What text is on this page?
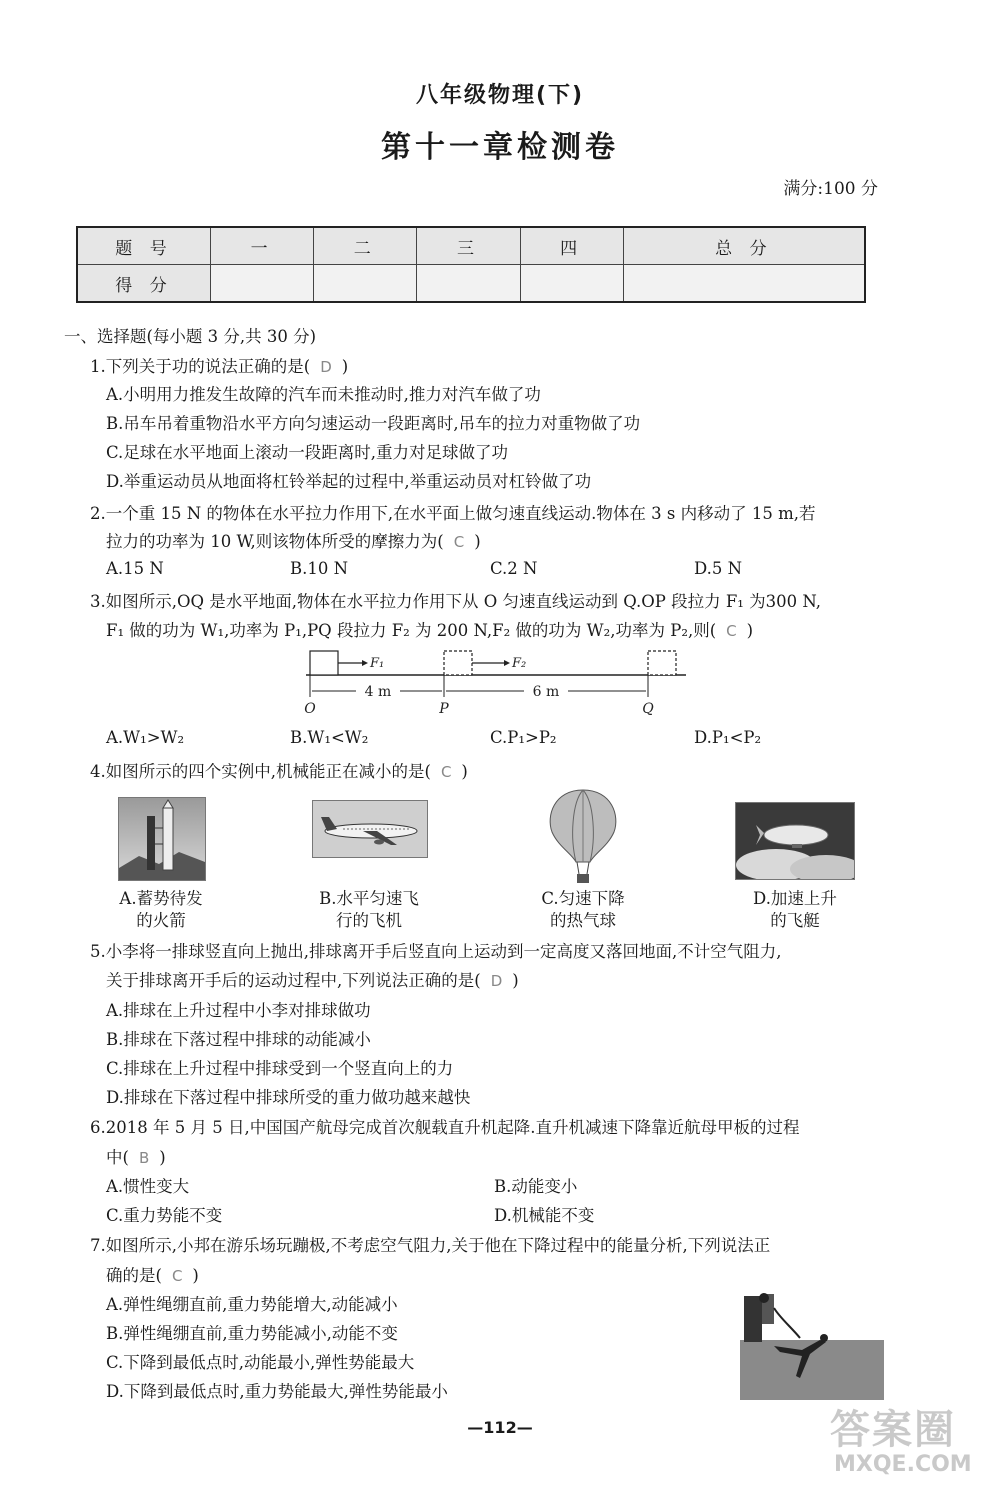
八年级物理(下)
第十一章检测卷
满分:100 分
题 号	一	二	三	四	总 分
得 分					
一、选择题(每小题 3 分,共 30 分)
1.下列关于功的说法正确的是( D )
A.小明用力推发生故障的汽车而未推动时,推力对汽车做了功
B.吊车吊着重物沿水平方向匀速运动一段距离时,吊车的拉力对重物做了功
C.足球在水平地面上滚动一段距离时,重力对足球做了功
D.举重运动员从地面将杠铃举起的过程中,举重运动员对杠铃做了功
2.一个重 15 N 的物体在水平拉力作用下,在水平面上做匀速直线运动.物体在 3 s 内移动了 15 m,若
拉力的功率为 10 W,则该物体所受的摩擦力为( C )
A.15 N	B.10 N	C.2 N	D.5 N
3.如图所示,OQ 是水平地面,物体在水平拉力作用下从 O 匀速直线运动到 Q.OP 段拉力 F₁ 为300 N,
F₁ 做的功为 W₁,功率为 P₁,PQ 段拉力 F₂ 为 200 N,F₂ 做的功为 W₂,功率为 P₂,则( C )
F₁	F₂
4 m	6 m
O	P	Q
A.W₁>W₂	B.W₁<W₂	C.P₁>P₂	D.P₁<P₂
4.如图所示的四个实例中,机械能正在减小的是( C )
A.蓄势待发
的火箭
B.水平匀速飞
行的飞机
C.匀速下降
的热气球
D.加速上升
的飞艇
5.小李将一排球竖直向上抛出,排球离开手后竖直向上运动到一定高度又落回地面,不计空气阻力,
关于排球离开手后的运动过程中,下列说法正确的是( D )
A.排球在上升过程中小李对排球做功
B.排球在下落过程中排球的动能减小
C.排球在上升过程中排球受到一个竖直向上的力
D.排球在下落过程中排球所受的重力做功越来越快
6.2018 年 5 月 5 日,中国国产航母完成首次舰载直升机起降.直升机减速下降靠近航母甲板的过程
中( B )
A.惯性变大	B.动能变小
C.重力势能不变	D.机械能不变
7.如图所示,小邦在游乐场玩蹦极,不考虑空气阻力,关于他在下降过程中的能量分析,下列说法正
确的是( C )
A.弹性绳绷直前,重力势能增大,动能减小
B.弹性绳绷直前,重力势能减小,动能不变
C.下降到最低点时,动能最小,弹性势能最大
D.下降到最低点时,重力势能最大,弹性势能最小
—112—	答案圈
MXQE.COM
